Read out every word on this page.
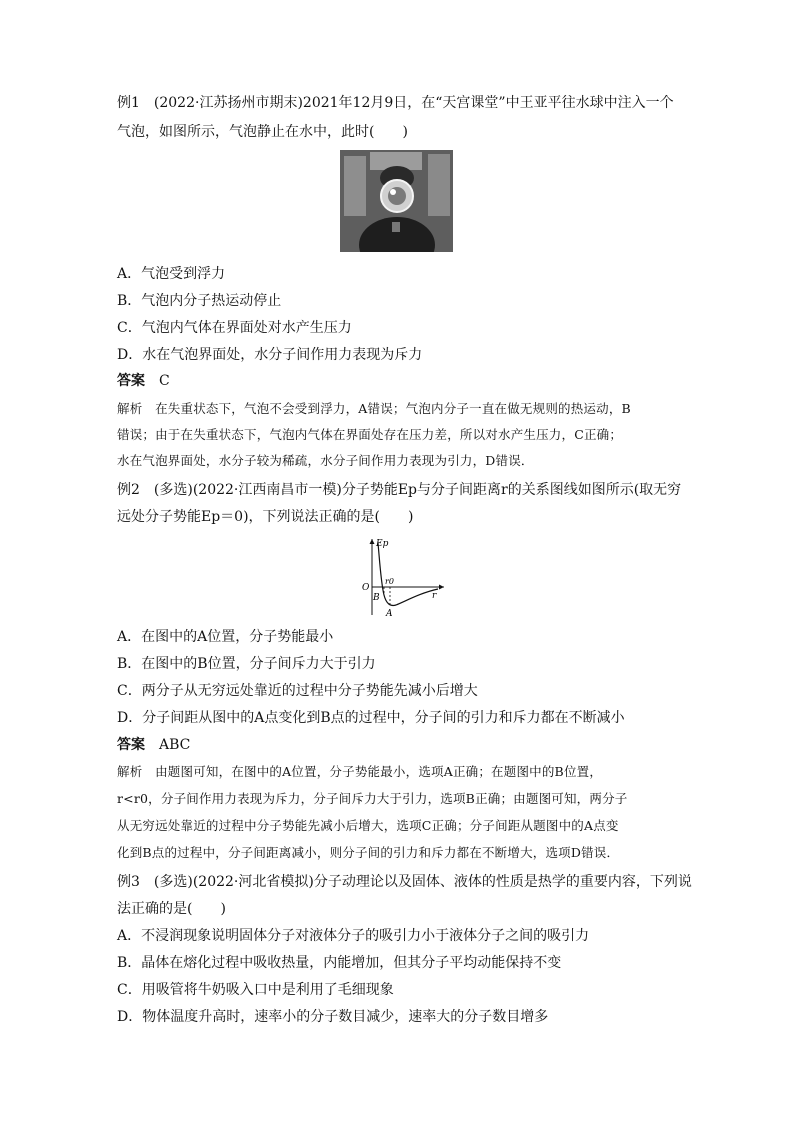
例1　(2022·江苏扬州市期末)2021年12月9日，在“天宫课堂”中王亚平往水球中注入一个
气泡，如图所示，气泡静止在水中，此时(　　)
A．气泡受到浮力
B．气泡内分子热运动停止
C．气泡内气体在界面处对水产生压力
D．水在气泡界面处，水分子间作用力表现为斥力
答案 C
解析　在失重状态下，气泡不会受到浮力，A错误；气泡内分子一直在做无规则的热运动，B
错误；由于在失重状态下，气泡内气体在界面处存在压力差，所以对水产生压力，C正确；
水在气泡界面处，水分子较为稀疏，水分子间作用力表现为引力，D错误．
例2　(多选)(2022·江西南昌市一模)分子势能Ep与分子间距离r的关系图线如图所示(取无穷
远处分子势能Ep＝0)，下列说法正确的是(　　)
Ep
r
O
r0
B
A
A．在图中的A位置，分子势能最小
B．在图中的B位置，分子间斥力大于引力
C．两分子从无穷远处靠近的过程中分子势能先减小后增大
D．分子间距从图中的A点变化到B点的过程中，分子间的引力和斥力都在不断减小
答案 ABC
解析　由题图可知，在图中的A位置，分子势能最小，选项A正确；在题图中的B位置，
r<r0，分子间作用力表现为斥力，分子间斥力大于引力，选项B正确；由题图可知，两分子
从无穷远处靠近的过程中分子势能先减小后增大，选项C正确；分子间距从题图中的A点变
化到B点的过程中，分子间距离减小，则分子间的引力和斥力都在不断增大，选项D错误．
例3　(多选)(2022·河北省模拟)分子动理论以及固体、液体的性质是热学的重要内容，下列说
法正确的是(　　)
A．不浸润现象说明固体分子对液体分子的吸引力小于液体分子之间的吸引力
B．晶体在熔化过程中吸收热量，内能增加，但其分子平均动能保持不变
C．用吸管将牛奶吸入口中是利用了毛细现象
D．物体温度升高时，速率小的分子数目减少，速率大的分子数目增多
